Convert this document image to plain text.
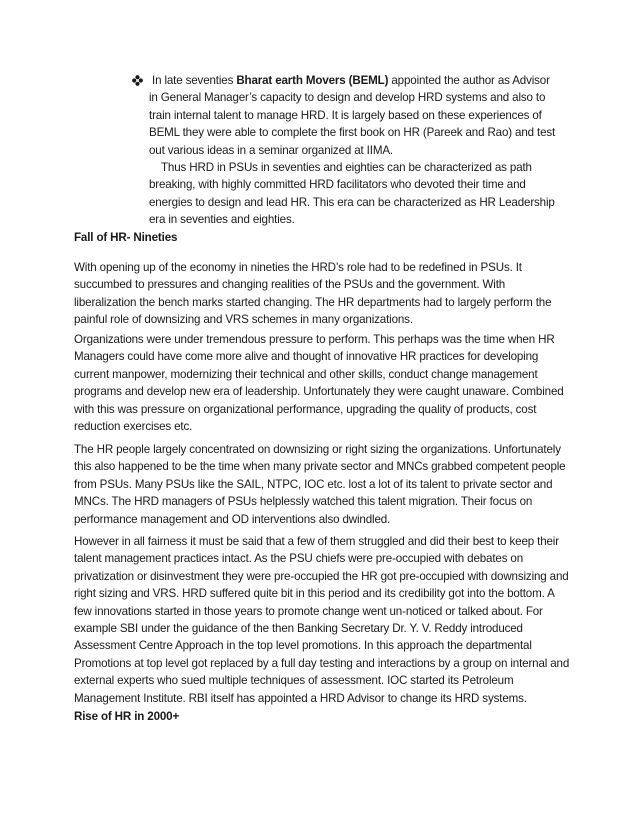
In late seventies Bharat earth Movers (BEML) appointed the author as Advisor in General Manager’s capacity to design and develop HRD systems and also to train internal talent to manage HRD. It is largely based on these experiences of BEML they were able to complete the first book on HR (Pareek and Rao) and test out various ideas in a seminar organized at IIMA.

Thus HRD in PSUs in seventies and eighties can be characterized as path breaking, with highly committed HRD facilitators who devoted their time and energies to design and lead HR. This era can be characterized as HR Leadership era in seventies and eighties.

Fall of HR- Nineties
With opening up of the economy in nineties the HRD’s role had to be redefined in PSUs. It succumbed to pressures and changing realities of the PSUs and the government. With liberalization the bench marks started changing. The HR departments had to largely perform the painful role of downsizing and VRS schemes in many organizations.
Organizations were under tremendous pressure to perform. This perhaps was the time when HR Managers could have come more alive and thought of innovative HR practices for developing current manpower, modernizing their technical and other skills, conduct change management programs and develop new era of leadership. Unfortunately they were caught unaware. Combined with this was pressure on organizational performance, upgrading the quality of products, cost reduction exercises etc.
The HR people largely concentrated on downsizing or right sizing the organizations. Unfortunately this also happened to be the time when many private sector and MNCs grabbed competent people from PSUs. Many PSUs like the SAIL, NTPC, IOC etc. lost a lot of its talent to private sector and MNCs. The HRD managers of PSUs helplessly watched this talent migration. Their focus on performance management and OD interventions also dwindled.
However in all fairness it must be said that a few of them struggled and did their best to keep their talent management practices intact. As the PSU chiefs were pre-occupied with debates on privatization or disinvestment they were pre-occupied the HR got pre-occupied with downsizing and right sizing and VRS. HRD suffered quite bit in this period and its credibility got into the bottom. A few innovations started in those years to promote change went un-noticed or talked about. For example SBI under the guidance of the then Banking Secretary Dr. Y. V. Reddy introduced Assessment Centre Approach in the top level promotions. In this approach the departmental Promotions at top level got replaced by a full day testing and interactions by a group on internal and external experts who sued multiple techniques of assessment. IOC started its Petroleum Management Institute. RBI itself has appointed a HRD Advisor to change its HRD systems.
Rise of HR in 2000+
